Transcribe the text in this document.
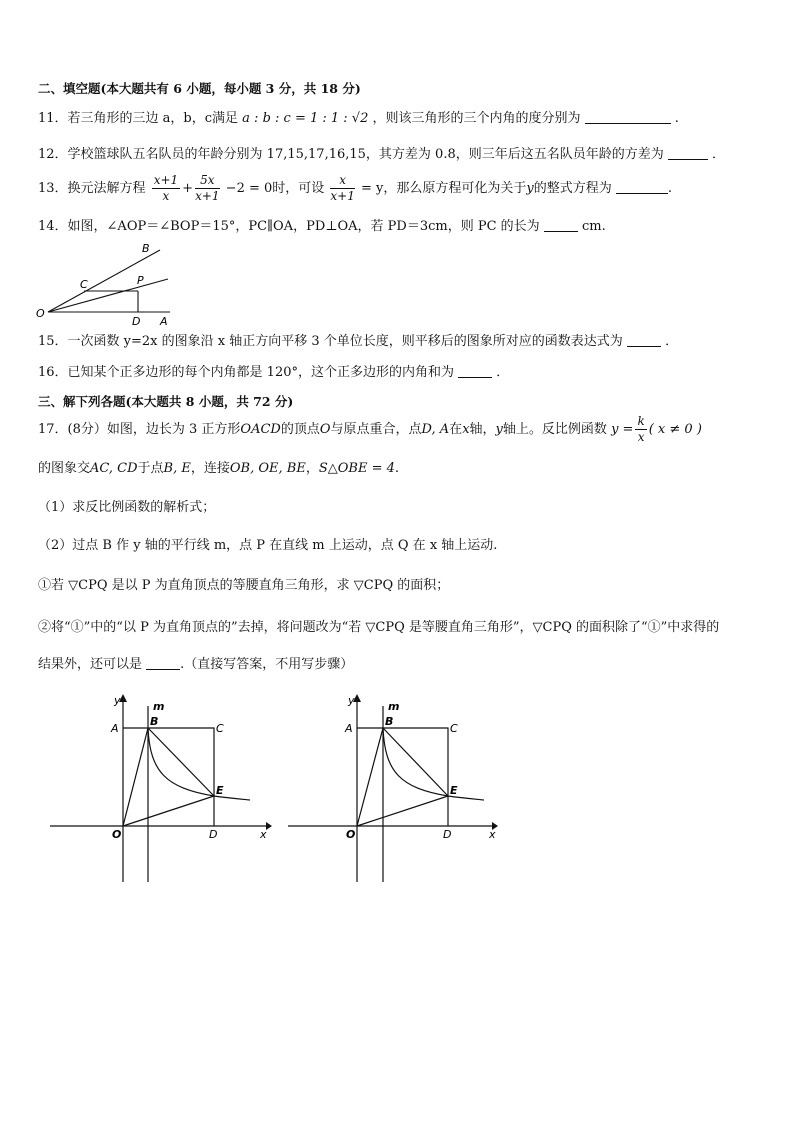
二、填空题(本大题共有 6 小题，每小题 3 分，共 18 分)
11．若三角形的三边 a，b，c满足 a : b : c = 1 : 1 : √2 ，则该三角形的三个内角的度分别为	.
12．学校篮球队五名队员的年龄分别为 17,15,17,16,15，其方差为 0.8，则三年后这五名队员年龄的方差为	．
13．换元法解方程 $\frac{x+1}{x} + \frac{5x}{x+1} -2 = 0$时，可设 $\frac{x}{x+1} = y$，那么原方程可化为关于y的整式方程为	.
14．如图，∠AOP＝∠BOP＝15°，PC∥OA，PD⊥OA，若 PD＝3cm，则 PC 的长为	cm.
B
C	P
O
D A
15．一次函数 y=2x 的图象沿 x 轴正方向平移 3 个单位长度，则平移后的图象所对应的函数表达式为	．
16．已知某个正多边形的每个内角都是 120°，这个正多边形的内角和为	．
三、解下列各题(本大题共 8 小题，共 72 分)
17．(8分）如图，边长为 3 正方形OACD的顶点O与原点重合，点D, A在x轴，y轴上。反比例函数 $y = \frac{k}{x}$ ( x ≠ 0 )
的图象交AC, CD于点B, E，连接OB, OE, BE，S△OBE = 4.
（1）求反比例函数的解析式；
（2）过点 B 作 y 轴的平行线 m，点 P 在直线 m 上运动，点 Q 在 x 轴上运动.
①若 ▽CPQ 是以 P 为直角顶点的等腰直角三角形，求 ▽CPQ 的面积；
②将“①”中的“以 P 为直角顶点的”去掉，将问题改为“若 ▽CPQ 是等腰直角三角形”，▽CPQ 的面积除了“①”中求得的
结果外，还可以是	.（直接写答案，不用写步骤）
y	m
A
B
C
E
O	D	x
y	m
A
B
C
E
O	D	x
